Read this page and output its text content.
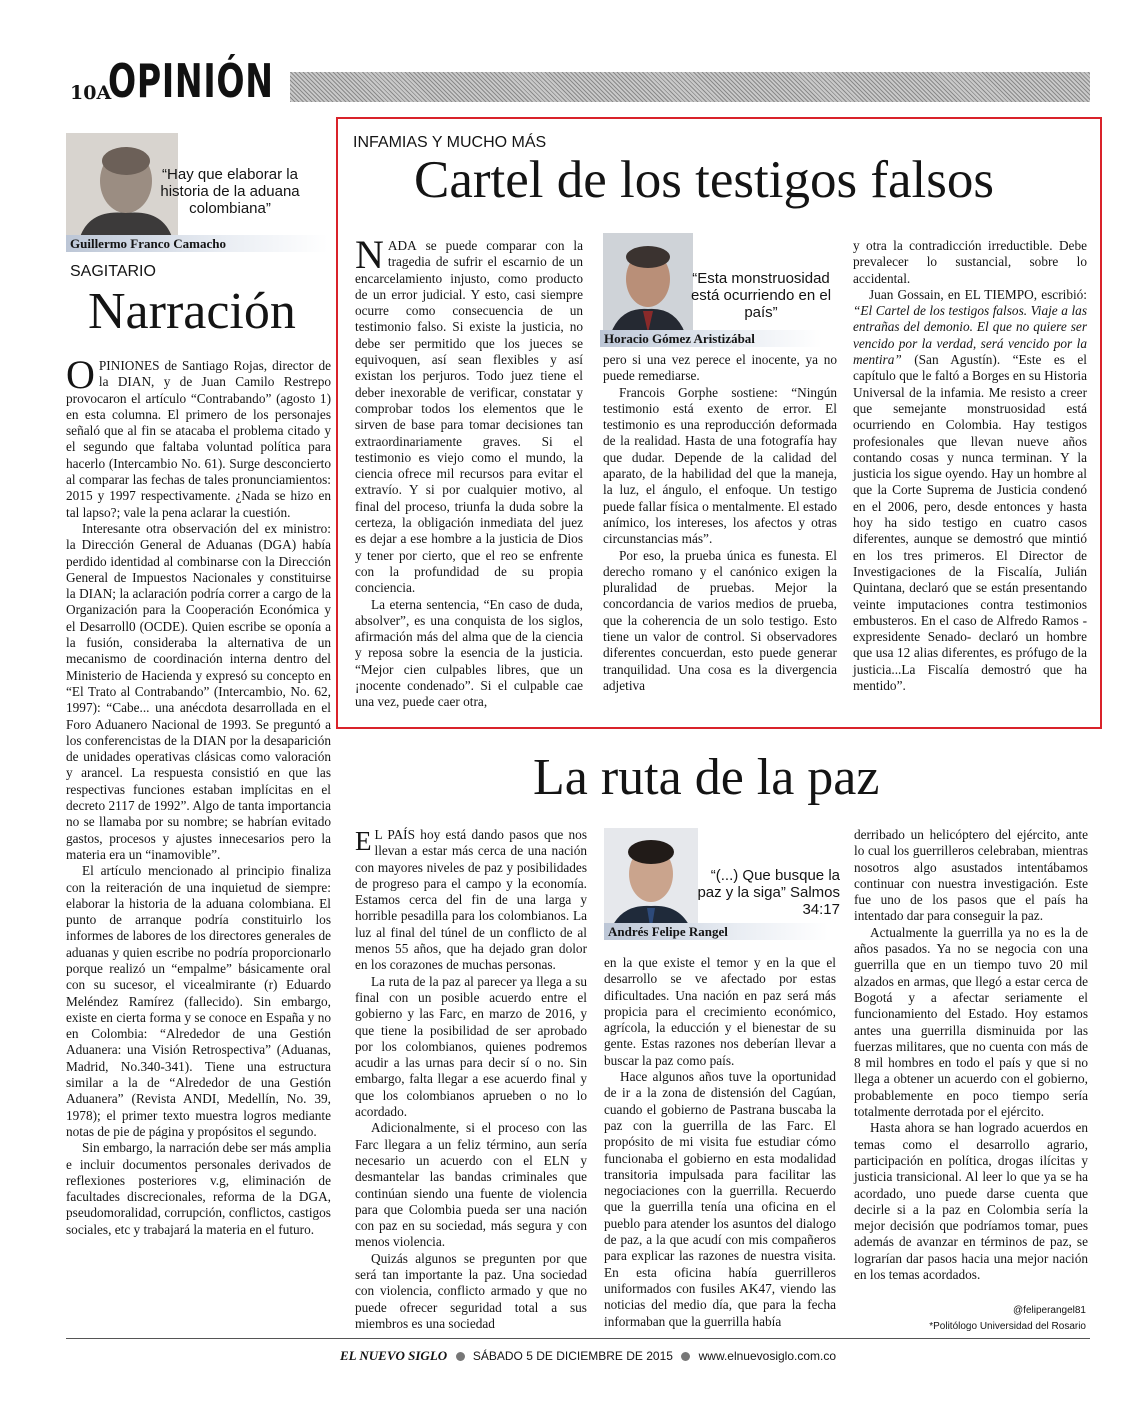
10A
OPINIÓN
“Hay que elaborar la historia de la aduana colombiana”
Guillermo Franco Camacho
SAGITARIO
Narración

OPINIONES de Santiago Rojas, director de la DIAN, y de Juan Camilo Restrepo provocaron el artículo “Contrabando” (agosto 1) en esta columna. El primero de los personajes señaló que al fin se atacaba el problema citado y el segundo que faltaba voluntad política para hacerlo (Intercambio No. 61). Surge desconcierto al comparar las fechas de tales pronunciamientos: 2015 y 1997 respectivamente. ¿Nada se hizo en tal lapso?; vale la pena aclarar la cuestión.

Interesante otra observación del ex ministro: la Dirección General de Aduanas (DGA) había perdido identidad al combinarse con la Dirección General de Impuestos Nacionales y constituirse la DIAN; la aclaración podría correr a cargo de la Organización para la Cooperación Económica y el Desarroll0 (OCDE). Quien escribe se oponía a la fusión, consideraba la alternativa de un mecanismo de coordinación interna dentro del Ministerio de Hacienda y expresó su concepto en “El Trato al Contrabando” (Intercambio, No. 62, 1997): “Cabe... una anécdota desarrollada en el Foro Aduanero Nacional de 1993. Se preguntó a los conferencistas de la DIAN por la desaparición de unidades operativas clásicas como valoración y arancel. La respuesta consistió en que las respectivas funciones estaban implícitas en el decreto 2117 de 1992”. Algo de tanta importancia no se llamaba por su nombre; se habrían evitado gastos, procesos y ajustes innecesarios pero la materia era un “inamovible”.

El artículo mencionado al principio finaliza con la reiteración de una inquietud de siempre: elaborar la historia de la aduana colombiana. El punto de arranque podría constituirlo los informes de labores de los directores generales de aduanas y quien escribe no podría proporcionarlo porque realizó un “empalme” básicamente oral con su sucesor, el vicealmirante (r) Eduardo Meléndez Ramírez (fallecido). Sin embargo, existe en cierta forma y se conoce en España y no en Colombia: “Alrededor de una Gestión Aduanera: una Visión Retrospectiva” (Aduanas, Madrid, No.340-341). Tiene una estructura similar a la de “Alrededor de una Gestión Aduanera” (Revista ANDI, Medellín, No. 39, 1978); el primer texto muestra logros mediante notas de pie de página y propósitos el segundo.

Sin embargo, la narración debe ser más amplia e incluir documentos personales derivados de reflexiones posteriores v.g, eliminación de facultades discrecionales, reforma de la DGA, pseudomoralidad, corrupción, conflictos, castigos sociales, etc y trabajará la materia en el futuro.

INFAMIAS Y MUCHO MÁS
Cartel de los testigos falsos

NADA se puede comparar con la tragedia de sufrir el escarnio de un encarcelamiento injusto, como producto de un error judicial. Y esto, casi siempre ocurre como consecuencia de un testimonio falso. Si existe la justicia, no debe ser permitido que los jueces se equivoquen, así sean flexibles y así existan los perjuros. Todo juez tiene el deber inexorable de verificar, constatar y comprobar todos los elementos que le sirven de base para tomar decisiones tan extraordinariamente graves. Si el testimonio es viejo como el mundo, la ciencia ofrece mil recursos para evitar el extravío. Y si por cualquier motivo, al final del proceso, triunfa la duda sobre la certeza, la obligación inmediata del juez es dejar a ese hombre a la justicia de Dios y tener por cierto, que el reo se enfrente con la profundidad de su propia conciencia.

La eterna sentencia, “En caso de duda, absolver”, es una conquista de los siglos, afirmación más del alma que de la ciencia y reposa sobre la esencia de la justicia. “Mejor cien culpables libres, que un ¡nocente condenado”. Si el culpable cae una vez, puede caer otra,

“Esta monstruosidad está ocurriendo en el país”
Horacio Gómez Aristizábal

pero si una vez perece el inocente, ya no puede remediarse.

Francois Gorphe sostiene: “Ningún testimonio está exento de error. El testimonio es una reproducción deformada de la realidad. Hasta de una fotografía hay que dudar. Depende de la calidad del aparato, de la habilidad del que la maneja, la luz, el ángulo, el enfoque. Un testigo puede fallar física o mentalmente. El estado anímico, los intereses, los afectos y otras circunstancias más”.

Por eso, la prueba única es funesta. El derecho romano y el canónico exigen la pluralidad de pruebas. Mejor la concordancia de varios medios de prueba, que la coherencia de un solo testigo. Esto tiene un valor de control. Si observadores diferentes concuerdan, esto puede generar tranquilidad. Una cosa es la divergencia adjetiva

y otra la contradicción irreductible. Debe prevalecer lo sustancial, sobre lo accidental.

Juan Gossain, en EL TIEMPO, escribió: “El Cartel de los testigos falsos. Viaje a las entrañas del demonio. El que no quiere ser vencido por la verdad, será vencido por la mentira” (San Agustín). “Este es el capítulo que le faltó a Borges en su Historia Universal de la infamia. Me resisto a creer que semejante monstruosidad está ocurriendo en Colombia. Hay testigos profesionales que llevan nueve años contando cosas y nunca terminan. Y la justicia los sigue oyendo. Hay un hombre al que la Corte Suprema de Justicia condenó en el 2006, pero, desde entonces y hasta hoy ha sido testigo en cuatro casos diferentes, aunque se demostró que mintió en los tres primeros. El Director de Investigaciones de la Fiscalía, Julián Quintana, declaró que se están presentando veinte imputaciones contra testimonios embusteros. En el caso de Alfredo Ramos -expresidente Senado- declaró un hombre que usa 12 alias diferentes, es prófugo de la justicia...La Fiscalía demostró que ha mentido”.

La ruta de la paz

E L PAÍS hoy está dando pasos que nos llevan a estar más cerca de una nación con mayores niveles de paz y posibilidades de progreso para el campo y la economía. Estamos cerca del fin de una larga y horrible pesadilla para los colombianos. La luz al final del túnel de un conflicto de al menos 55 años, que ha dejado gran dolor en los corazones de muchas personas.

La ruta de la paz al parecer ya llega a su final con un posible acuerdo entre el gobierno y las Farc, en marzo de 2016, y que tiene la posibilidad de ser aprobado por los colombianos, quienes podremos acudir a las urnas para decir sí o no. Sin embargo, falta llegar a ese acuerdo final y que los colombianos aprueben o no lo acordado.

Adicionalmente, si el proceso con las Farc llegara a un feliz término, aun sería necesario un acuerdo con el ELN y desmantelar las bandas criminales que continúan siendo una fuente de violencia para que Colombia pueda ser una nación con paz en su sociedad, más segura y con menos violencia.

Quizás algunos se pregunten por que será tan importante la paz. Una sociedad con violencia, conflicto armado y que no puede ofrecer seguridad total a sus miembros es una sociedad

“(...) Que busque la paz y la siga” Salmos 34:17
Andrés Felipe Rangel

en la que existe el temor y en la que el desarrollo se ve afectado por estas dificultades. Una nación en paz será más propicia para el crecimiento económico, agrícola, la educción y el bienestar de su gente. Estas razones nos deberían llevar a buscar la paz como país.

Hace algunos años tuve la oportunidad de ir a la zona de distensión del Cagúan, cuando el gobierno de Pastrana buscaba la paz con la guerrilla de las Farc. El propósito de mi visita fue estudiar cómo funcionaba el gobierno en esta modalidad transitoria impulsada para facilitar las negociaciones con la guerrilla. Recuerdo que la guerrilla tenía una oficina en el pueblo para atender los asuntos del dialogo de paz, a la que acudí con mis compañeros para explicar las razones de nuestra visita. En esta oficina había guerrilleros uniformados con fusiles AK47, viendo las noticias del medio día, que para la fecha informaban que la guerrilla había

derribado un helicóptero del ejército, ante lo cual los guerrilleros celebraban, mientras nosotros algo asustados intentábamos continuar con nuestra investigación. Este fue uno de los pasos que el país ha intentado dar para conseguir la paz.

Actualmente la guerrilla ya no es la de años pasados. Ya no se negocia con una guerrilla que en un tiempo tuvo 20 mil alzados en armas, que llegó a estar cerca de Bogotá y a afectar seriamente el funcionamiento del Estado. Hoy estamos antes una guerrilla disminuida por las fuerzas militares, que no cuenta con más de 8 mil hombres en todo el país y que si no llega a obtener un acuerdo con el gobierno, probablemente en poco tiempo sería totalmente derrotada por el ejército.

Hasta ahora se han logrado acuerdos en temas como el desarrollo agrario, participación en política, drogas ilícitas y justicia transicional. Al leer lo que ya se ha acordado, uno puede darse cuenta que decirle si a la paz en Colombia sería la mejor decisión que podríamos tomar, pues además de avanzar en términos de paz, se lograrían dar pasos hacia una mejor nación en los temas acordados.

@feliperangel81
*Politólogo Universidad del Rosario
EL NUEVO SIGLO SÁBADO 5 DE DICIEMBRE DE 2015 www.elnuevosiglo.com.co
